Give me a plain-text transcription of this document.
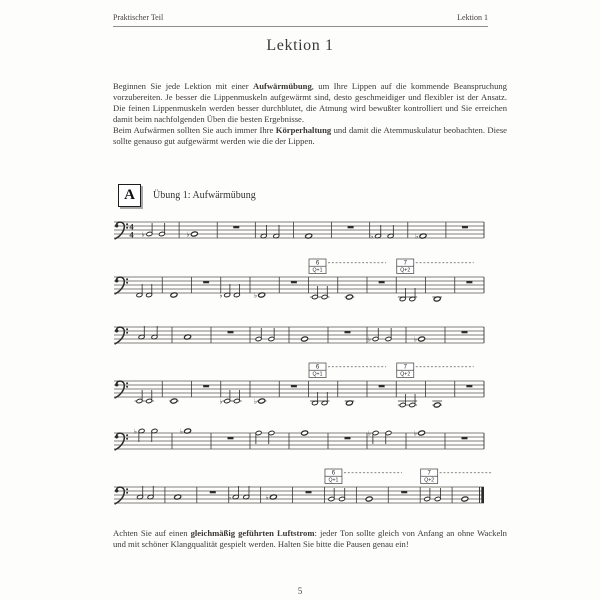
Praktischer Teil	Lektion 1
Lektion 1

Beginnen Sie jede Lektion mit einer Aufwärmübung, um Ihre Lippen auf die kommende Beanspruchung vorzubereiten. Je besser die Lippenmuskeln aufgewärmt sind, desto geschmeidiger und flexibler ist der Ansatz. Die feinen Lippenmuskeln werden besser durchblutet, die Atmung wird bewußter kontrolliert und Sie erreichen damit beim nachfolgenden Üben die besten Ergebnisse.

Beim Aufwärmen sollten Sie auch immer Ihre Körperhaltung und damit die Atemmuskulatur beobachten. Diese sollte genauso gut aufgewärmt werden wie die der Lippen.

A Übung 1: Aufwärmübung
4
4 ♭	♭	♭	♭
♭	♭
6
Q+1
7
Q+2
♭	♭
♭	♭
6
Q+1
7
Q+2
♭	♭	♭	♭
♭	♭
6
Q+1
7
Q+2

Achten Sie auf einen gleichmäßig geführten Luftstrom: jeder Ton sollte gleich von Anfang an ohne Wackeln und mit schöner Klangqualität gespielt werden. Halten Sie bitte die Pausen genau ein!

5
